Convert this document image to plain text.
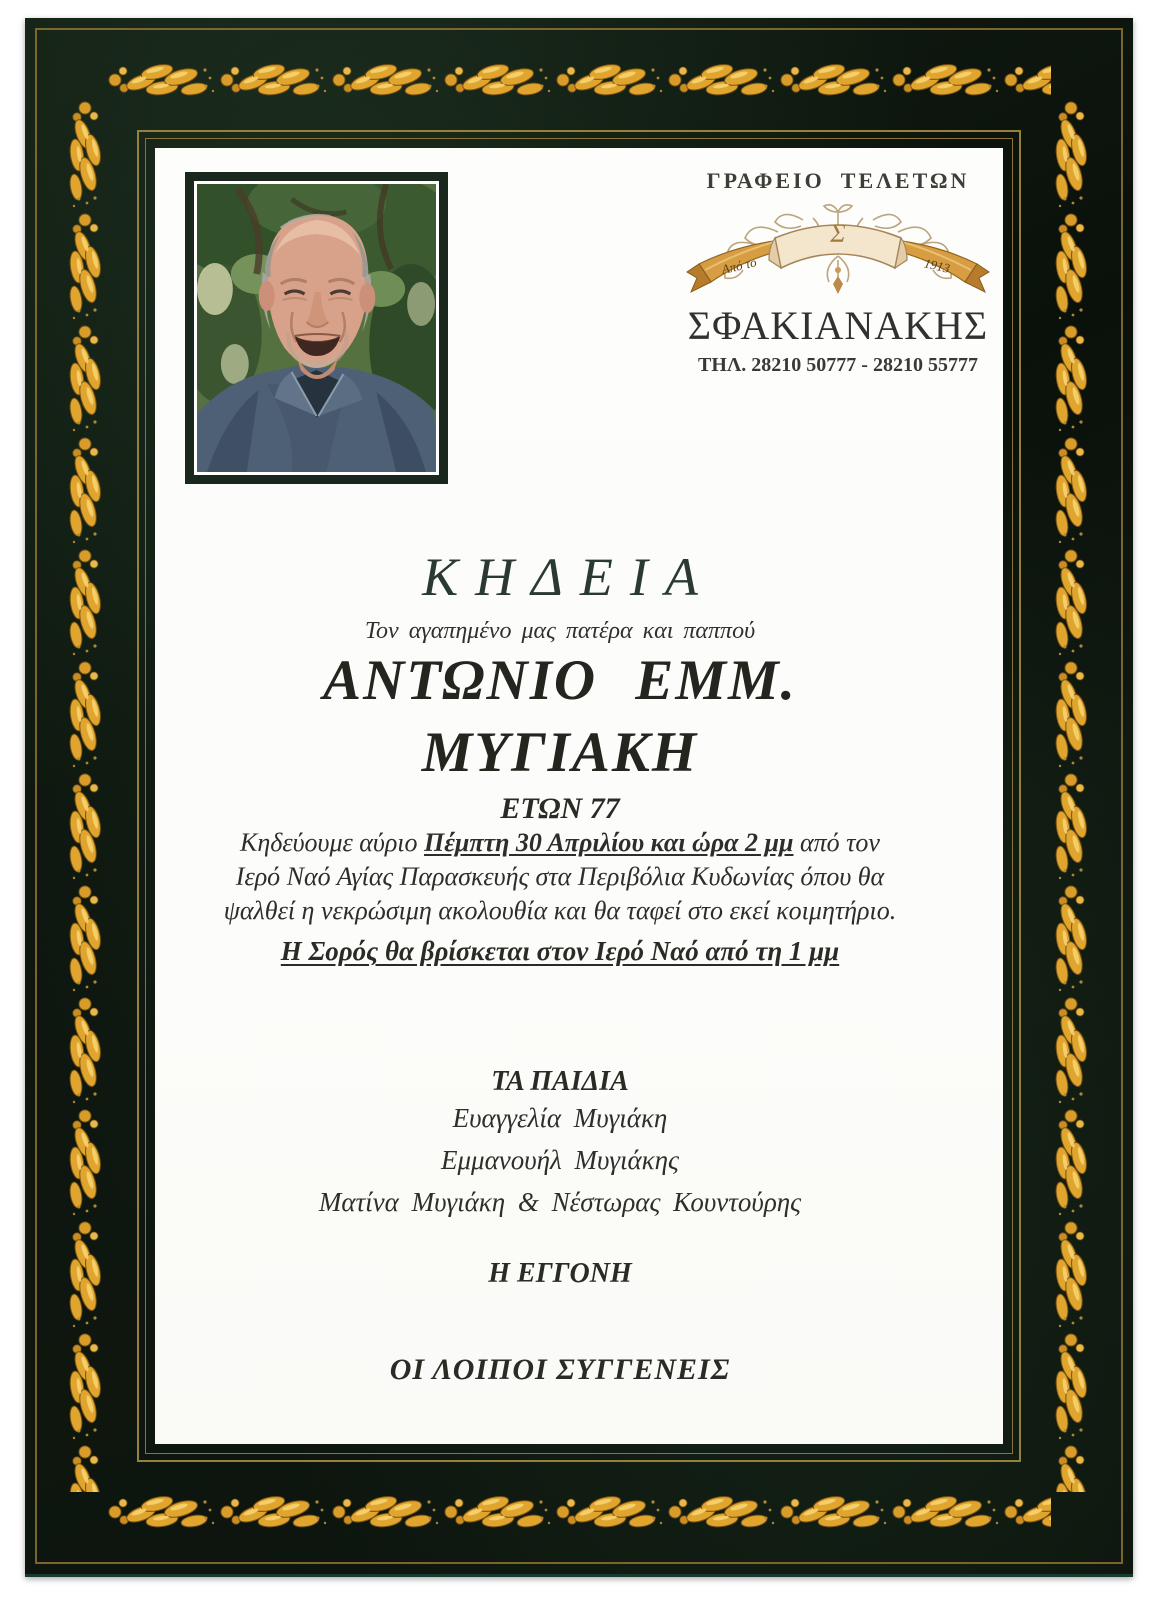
ΓΡΑΦΕΙΟ ΤΕΛΕΤΩΝ
Σ
Από το	1913
ΣΦΑΚΙΑΝΑΚΗΣ
ΤΗΛ. 28210 50777 - 28210 55777
ΚΗΔΕΙΑ
Τον αγαπημένο μας πατέρα και παππού
ΑΝΤΩΝΙΟ ΕΜΜ.
ΜΥΓΙΑΚΗ
ΕΤΩΝ 77
Κηδεύουμε αύριο Πέμπτη 30 Απριλίου και ώρα 2 μμ από τον Ιερό Ναό Αγίας Παρασκευής στα Περιβόλια Κυδωνίας όπου θα ψαλθεί η νεκρώσιμη ακολουθία και θα ταφεί στο εκεί κοιμητήριο.
Η Σορός θα βρίσκεται στον Ιερό Ναό από τη 1 μμ
ΤΑ ΠΑΙΔΙΑ
Ευαγγελία Μυγιάκη
Εμμανουήλ Μυγιάκης
Ματίνα Μυγιάκη & Νέστωρας Κουντούρης
Η ΕΓΓΟΝΗ
ΟΙ ΛΟΙΠΟΙ ΣΥΓΓΕΝΕΙΣ
